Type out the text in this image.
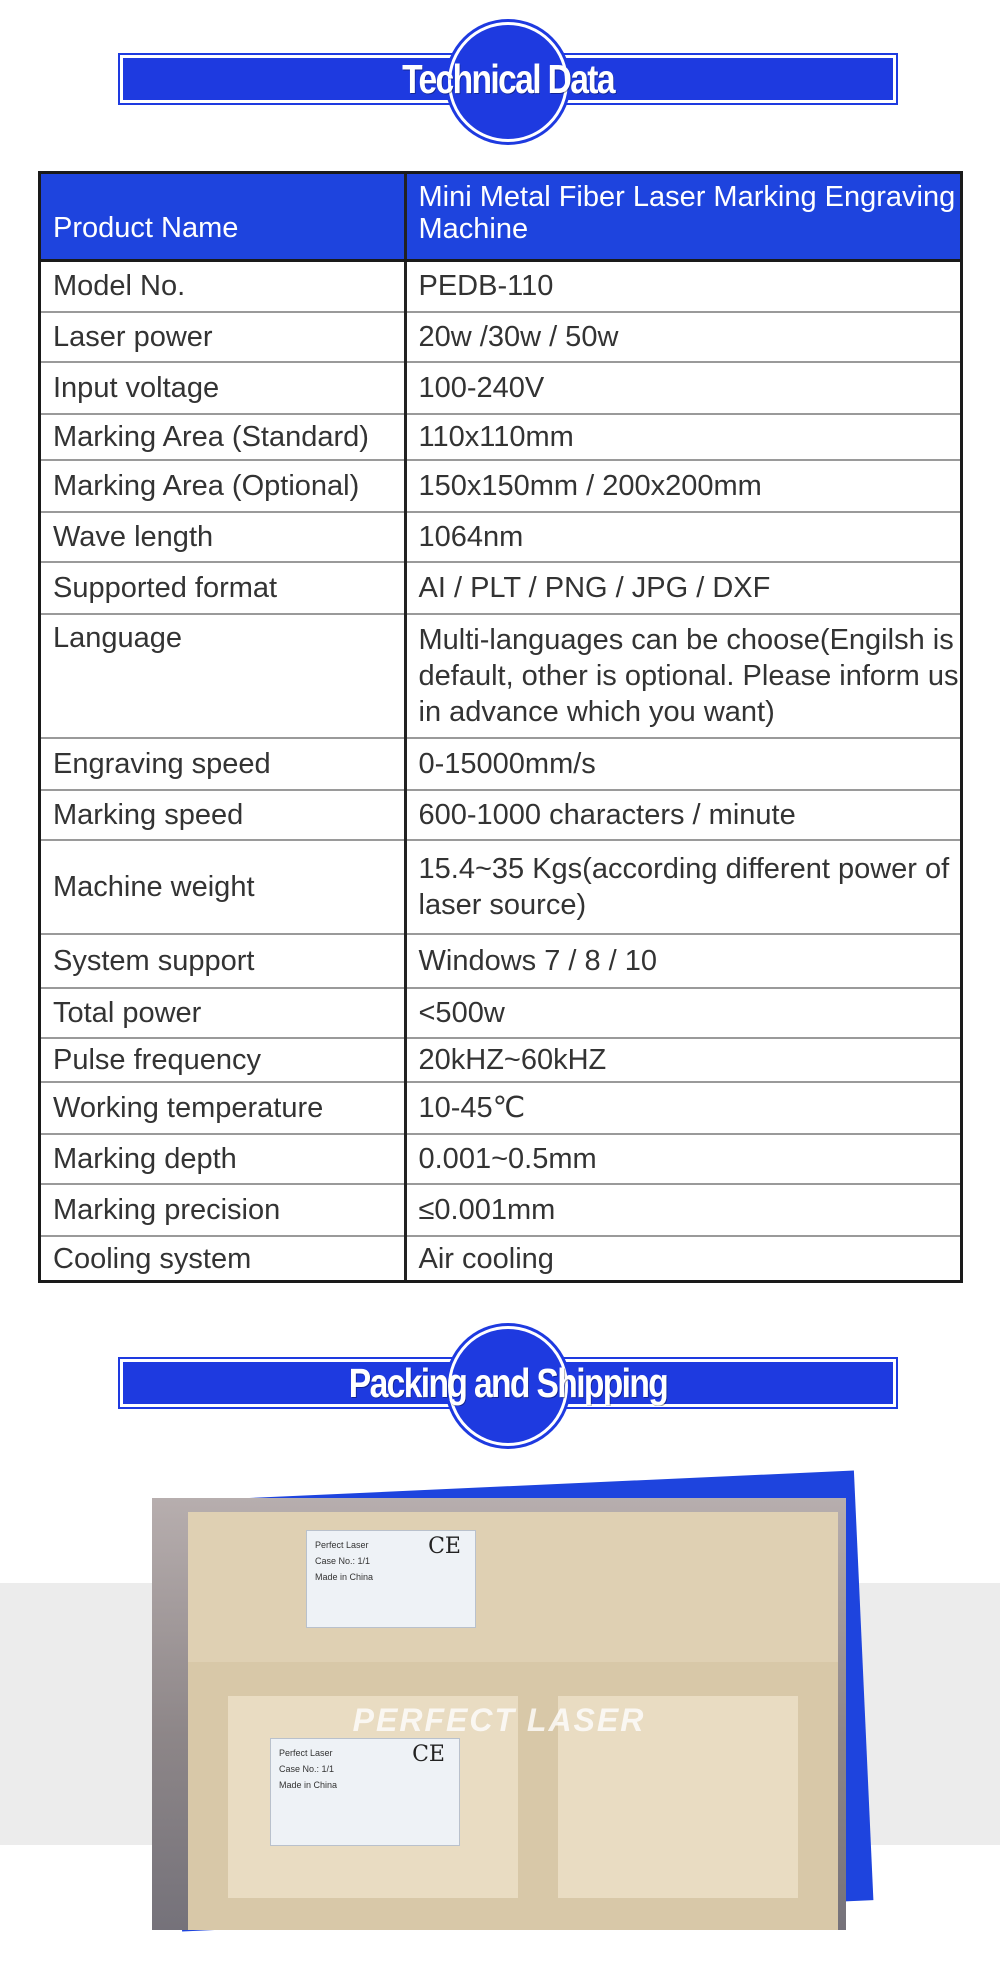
Technical Data
Product Name	Mini Metal Fiber Laser Marking Engraving Machine
Model No.	PEDB-110
Laser power	20w /30w / 50w
Input voltage	100-240V
Marking Area (Standard)	110x110mm
Marking Area (Optional)	150x150mm / 200x200mm
Wave length	1064nm
Supported format	AI / PLT / PNG / JPG / DXF
Language	Multi-languages can be choose(Engilsh is default, other is optional. Please inform us in advance which you want)
Engraving speed	0-15000mm/s
Marking speed	600-1000 characters / minute
Machine weight	15.4~35 Kgs(according different power of laser source)
System support	Windows 7 / 8 / 10
Total power	<500w
Pulse frequency	20kHZ~60kHZ
Working temperature	10-45℃
Marking depth	0.001~0.5mm
Marking precision	≤0.001mm
Cooling system	Air cooling
Packing and Shipping
Perfect Laser
Case No.: 1/1
Made in China
CE
Perfect Laser
Case No.: 1/1
Made in China
CE
PERFECT LASER
